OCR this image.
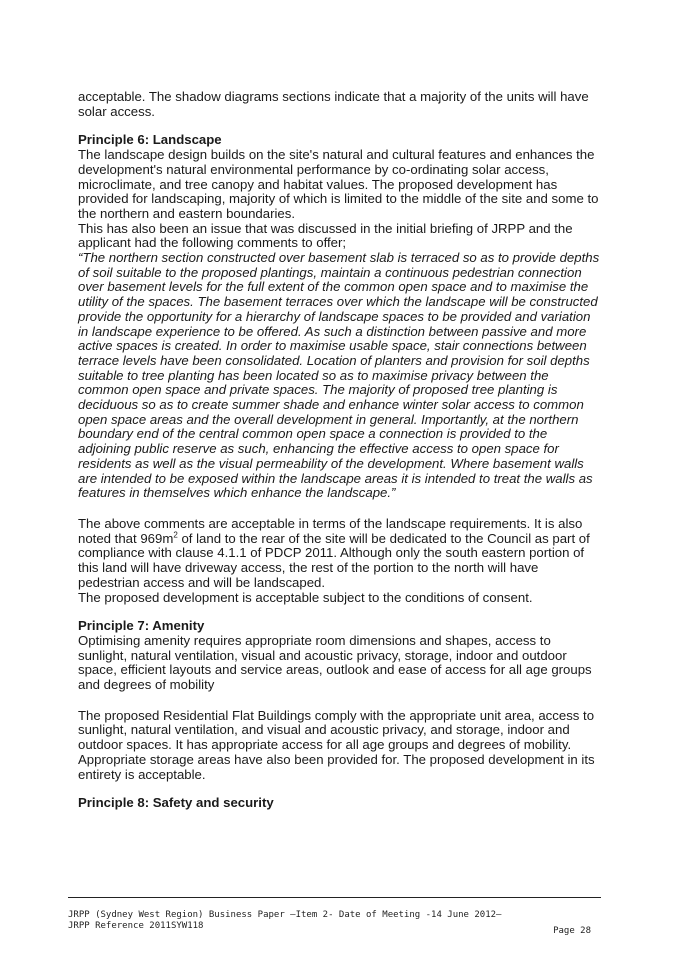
acceptable. The shadow diagrams sections indicate that a majority of the units will have solar access.

Principle 6: Landscape

The landscape design builds on the site's natural and cultural features and enhances the development's natural environmental performance by co-ordinating solar access, microclimate, and tree canopy and habitat values. The proposed development has provided for landscaping, majority of which is limited to the middle of the site and some to the northern and eastern boundaries.

This has also been an issue that was discussed in the initial briefing of JRPP and the applicant had the following comments to offer;

“The northern section constructed over basement slab is terraced so as to provide depths of soil suitable to the proposed plantings, maintain a continuous pedestrian connection over basement levels for the full extent of the common open space and to maximise the utility of the spaces. The basement terraces over which the landscape will be constructed provide the opportunity for a hierarchy of landscape spaces to be provided and variation in landscape experience to be offered. As such a distinction between passive and more active spaces is created. In order to maximise usable space, stair connections between terrace levels have been consolidated. Location of planters and provision for soil depths suitable to tree planting has been located so as to maximise privacy between the common open space and private spaces. The majority of proposed tree planting is deciduous so as to create summer shade and enhance winter solar access to common open space areas and the overall development in general. Importantly, at the northern boundary end of the central common open space a connection is provided to the adjoining public reserve as such, enhancing the effective access to open space for residents as well as the visual permeability of the development. Where basement walls are intended to be exposed within the landscape areas it is intended to treat the walls as features in themselves which enhance the landscape.”

The above comments are acceptable in terms of the landscape requirements. It is also noted that $969m^2$ of land to the rear of the site will be dedicated to the Council as part of compliance with clause 4.1.1 of PDCP 2011. Although only the south eastern portion of this land will have driveway access, the rest of the portion to the north will have pedestrian access and will be landscaped.

The proposed development is acceptable subject to the conditions of consent.

Principle 7: Amenity

Optimising amenity requires appropriate room dimensions and shapes, access to sunlight, natural ventilation, visual and acoustic privacy, storage, indoor and outdoor space, efficient layouts and service areas, outlook and ease of access for all age groups and degrees of mobility

The proposed Residential Flat Buildings comply with the appropriate unit area, access to sunlight, natural ventilation, and visual and acoustic privacy, and storage, indoor and outdoor spaces. It has appropriate access for all age groups and degrees of mobility. Appropriate storage areas have also been provided for. The proposed development in its entirety is acceptable.

Principle 8: Safety and security

JRPP (Sydney West Region) Business Paper –Item 2- Date of Meeting -14 June 2012–
JRPP Reference 2011SYW118	Page 28
